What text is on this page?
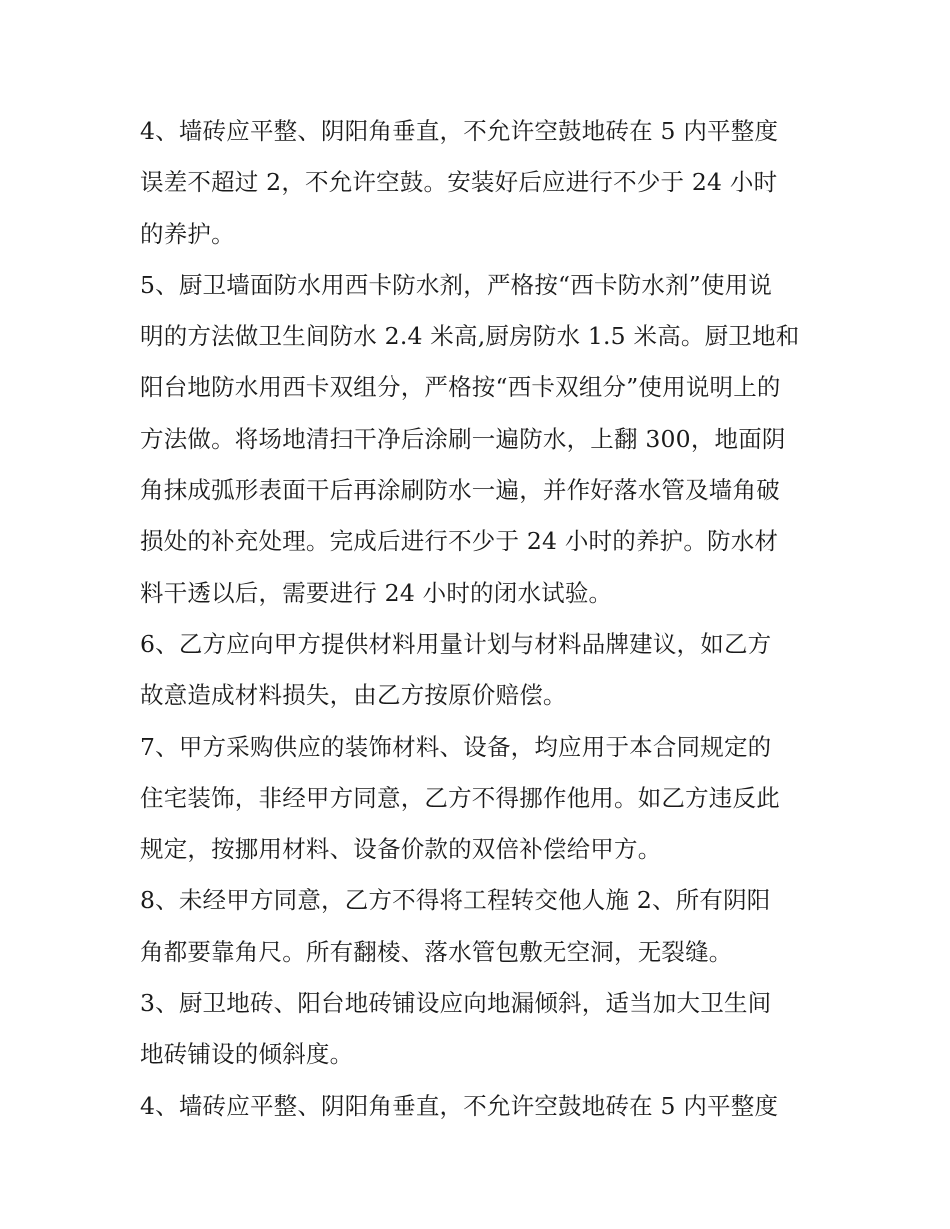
4、墙砖应平整、阴阳角垂直，不允许空鼓地砖在 5 内平整度
误差不超过 2，不允许空鼓。安装好后应进行不少于 24 小时
的养护。
5、厨卫墙面防水用西卡防水剂，严格按“西卡防水剂”使用说
明的方法做卫生间防水 2.4 米高,厨房防水 1.5 米高。厨卫地和
阳台地防水用西卡双组分，严格按“西卡双组分”使用说明上的
方法做。将场地清扫干净后涂刷一遍防水，上翻 300，地面阴
角抹成弧形表面干后再涂刷防水一遍，并作好落水管及墙角破
损处的补充处理。完成后进行不少于 24 小时的养护。防水材
料干透以后，需要进行 24 小时的闭水试验。
6、乙方应向甲方提供材料用量计划与材料品牌建议，如乙方
故意造成材料损失，由乙方按原价赔偿。
7、甲方采购供应的装饰材料、设备，均应用于本合同规定的
住宅装饰，非经甲方同意，乙方不得挪作他用。如乙方违反此
规定，按挪用材料、设备价款的双倍补偿给甲方。
8、未经甲方同意，乙方不得将工程转交他人施 2、所有阴阳
角都要靠角尺。所有翻棱、落水管包敷无空洞，无裂缝。
3、厨卫地砖、阳台地砖铺设应向地漏倾斜，适当加大卫生间
地砖铺设的倾斜度。
4、墙砖应平整、阴阳角垂直，不允许空鼓地砖在 5 内平整度
